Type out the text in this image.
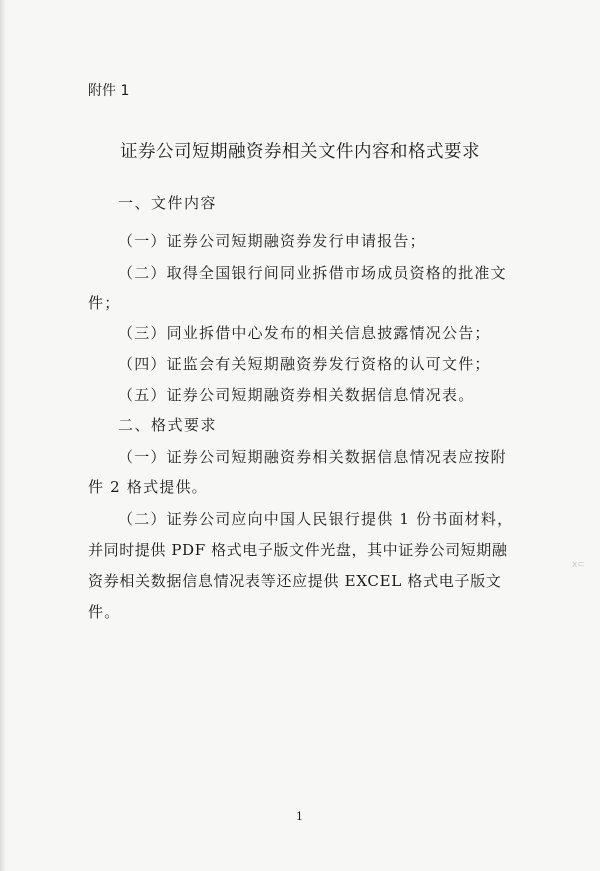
附件 1
证券公司短期融资券相关文件内容和格式要求
一、文件内容
（一）证券公司短期融资券发行申请报告；
（二）取得全国银行间同业拆借市场成员资格的批准文
件；
（三）同业拆借中心发布的相关信息披露情况公告；
（四）证监会有关短期融资券发行资格的认可文件；
（五）证券公司短期融资券相关数据信息情况表。
二、格式要求
（一）证券公司短期融资券相关数据信息情况表应按附
件 2 格式提供。
（二）证券公司应向中国人民银行提供 1 份书面材料，
并同时提供 PDF 格式电子版文件光盘，其中证券公司短期融
资券相关数据信息情况表等还应提供 EXCEL 格式电子版文
件。
ⅹ⊂
1
